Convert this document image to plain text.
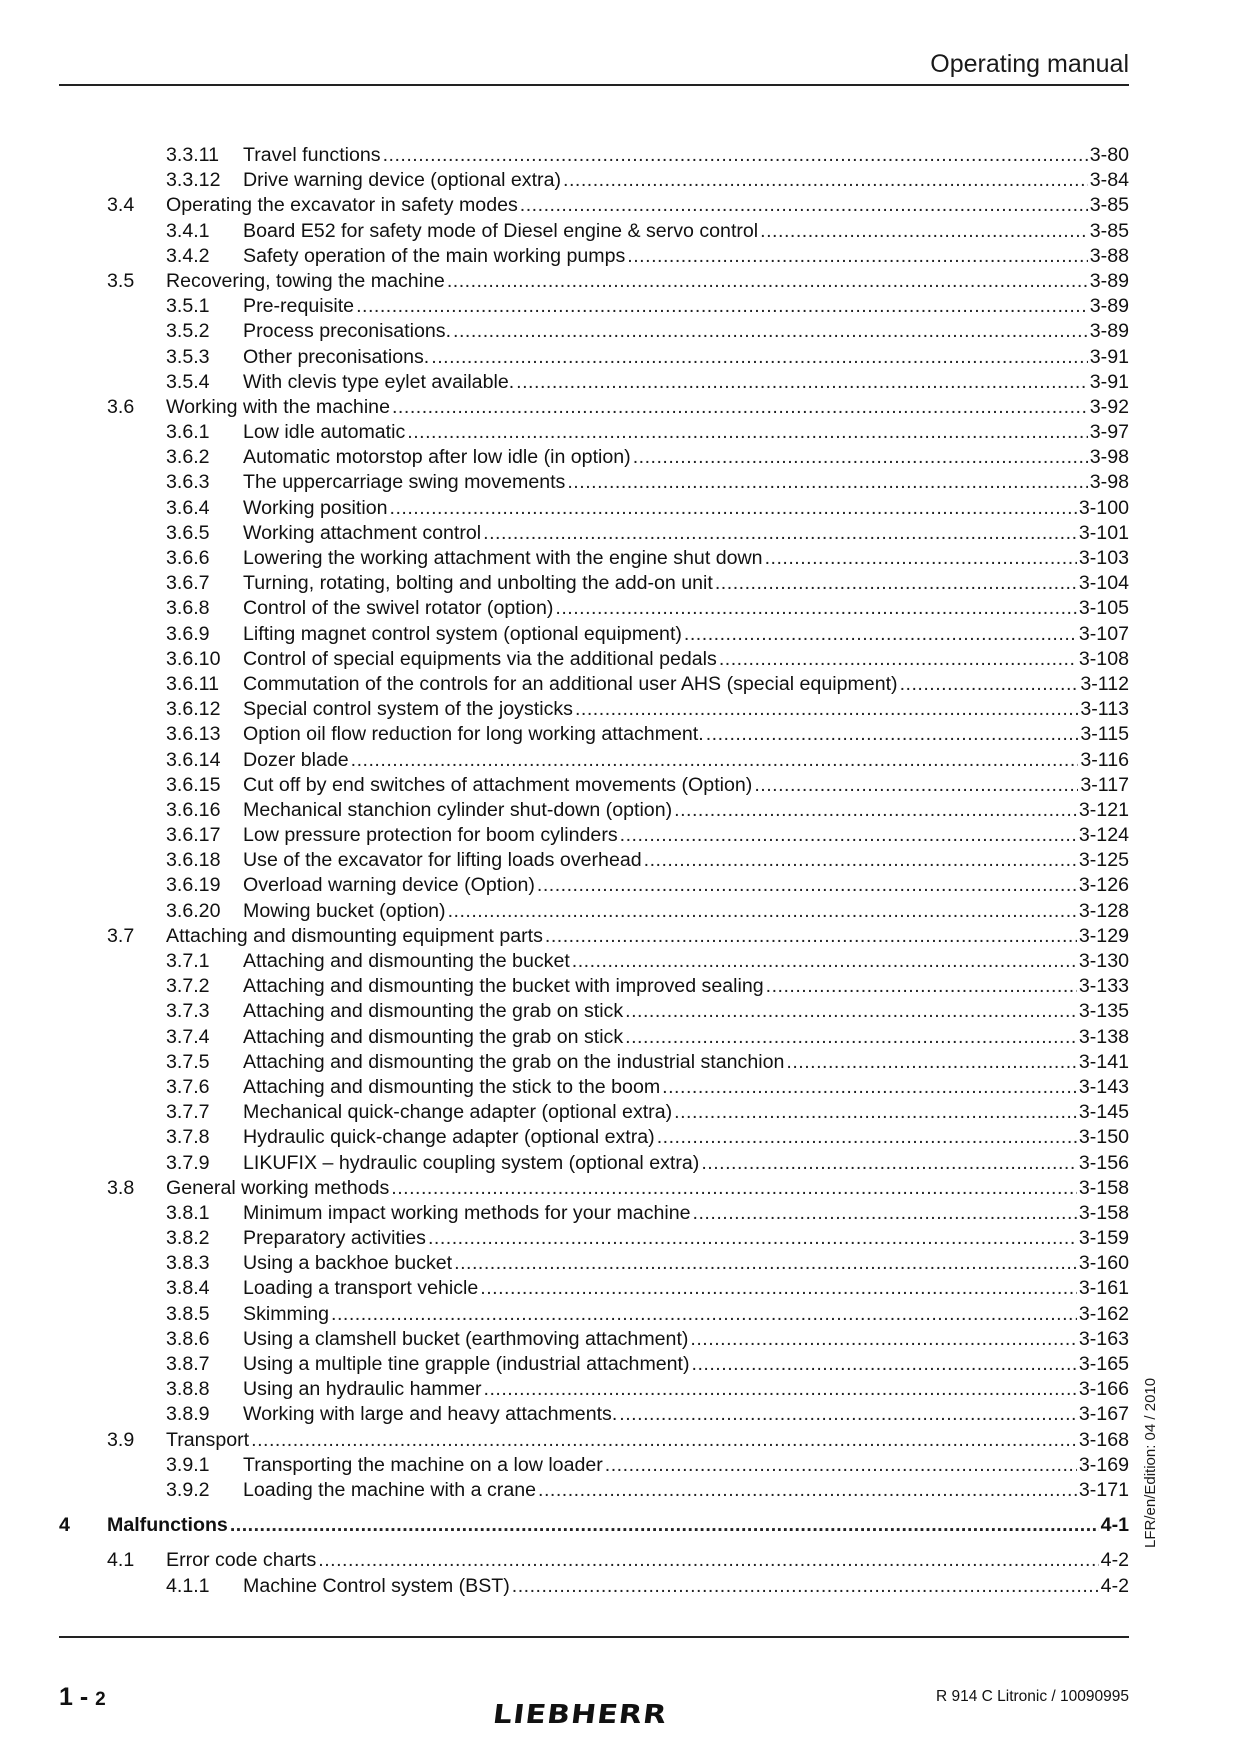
Operating manual
3.3.11 Travel functions .....	3-80
3.3.12 Drive warning device (optional extra) .....	3-84
3.4 Operating the excavator in safety modes .....	3-85
3.4.1 Board E52 for safety mode of Diesel engine & servo control .....	3-85
3.4.2 Safety operation of the main working pumps .....	3-88
3.5 Recovering, towing the machine .....	3-89
3.5.1 Pre-requisite .....	3-89
3.5.2 Process preconisations. .....	3-89
3.5.3 Other preconisations. .....	3-91
3.5.4 With clevis type eylet available. .....	3-91
3.6 Working with the machine .....	3-92
3.6.1 Low idle automatic .....	3-97
3.6.2 Automatic motorstop after low idle (in option) .....	3-98
3.6.3 The uppercarriage swing movements .....	3-98
3.6.4 Working position .....	3-100
3.6.5 Working attachment control .....	3-101
3.6.6 Lowering the working attachment with the engine shut down .....	3-103
3.6.7 Turning, rotating, bolting and unbolting the add-on unit .....	3-104
3.6.8 Control of the swivel rotator (option) .....	3-105
3.6.9 Lifting magnet control system (optional equipment) .....	3-107
3.6.10 Control of special equipments via the additional pedals .....	3-108
3.6.11 Commutation of the controls for an additional user AHS (special equipment) .....	3-112
3.6.12 Special control system of the joysticks .....	3-113
3.6.13 Option oil flow reduction for long working attachment. .....	3-115
3.6.14 Dozer blade .....	3-116
3.6.15 Cut off by end switches of attachment movements (Option) .....	3-117
3.6.16 Mechanical stanchion cylinder shut-down (option) .....	3-121
3.6.17 Low pressure protection for boom cylinders .....	3-124
3.6.18 Use of the excavator for lifting loads overhead .....	3-125
3.6.19 Overload warning device (Option) .....	3-126
3.6.20 Mowing bucket (option) .....	3-128
3.7 Attaching and dismounting equipment parts .....	3-129
3.7.1 Attaching and dismounting the bucket .....	3-130
3.7.2 Attaching and dismounting the bucket with improved sealing .....	3-133
3.7.3 Attaching and dismounting the grab on stick .....	3-135
3.7.4 Attaching and dismounting the grab on stick .....	3-138
3.7.5 Attaching and dismounting the grab on the industrial stanchion .....	3-141
3.7.6 Attaching and dismounting the stick to the boom .....	3-143
3.7.7 Mechanical quick-change adapter (optional extra) .....	3-145
3.7.8 Hydraulic quick-change adapter (optional extra) .....	3-150
3.7.9 LIKUFIX – hydraulic coupling system (optional extra) .....	3-156
3.8 General working methods .....	3-158
3.8.1 Minimum impact working methods for your machine .....	3-158
3.8.2 Preparatory activities .....	3-159
3.8.3 Using a backhoe bucket .....	3-160
3.8.4 Loading a transport vehicle .....	3-161
3.8.5 Skimming .....	3-162
3.8.6 Using a clamshell bucket (earthmoving attachment) .....	3-163
3.8.7 Using a multiple tine grapple (industrial attachment) .....	3-165
3.8.8 Using an hydraulic hammer .....	3-166
3.8.9 Working with large and heavy attachments. .....	3-167
3.9 Transport .....	3-168
3.9.1 Transporting the machine on a low loader .....	3-169
3.9.2 Loading the machine with a crane .....	3-171
4 Malfunctions .....	4-1
4.1 Error code charts .....	4-2
4.1.1 Machine Control system (BST) .....	4-2
LFR/en/Edition: 04 / 2010
1 - 2	R 914 C Litronic / 10090995
LIEBHERR
